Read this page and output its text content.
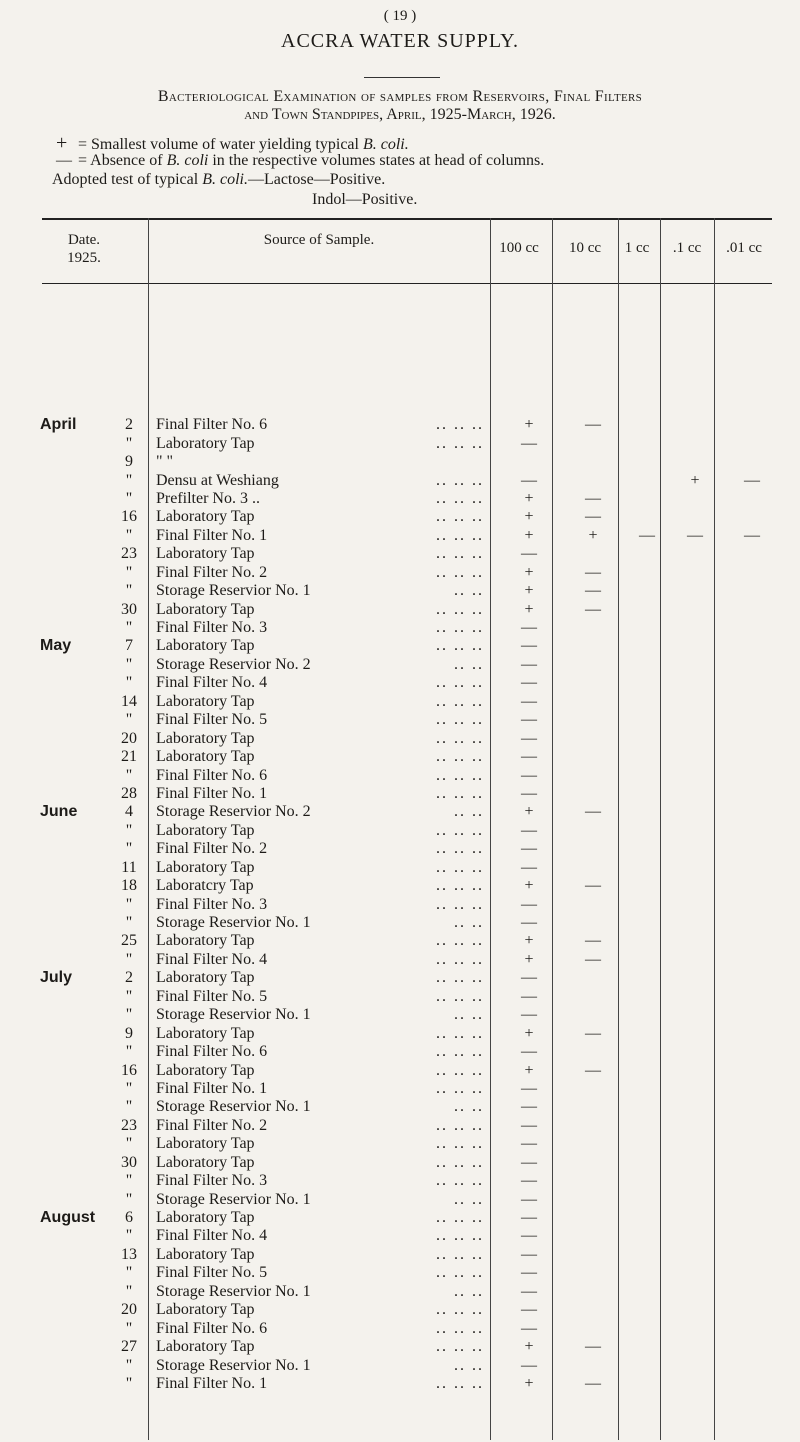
( 19 )
ACCRA WATER SUPPLY.
Bacteriological Examination of samples from Reservoirs, Final Filters
and Town Standpipes, April, 1925-March, 1926.
+ = Smallest volume of water yielding typical B. coli.
— = Absence of B. coli in the respective volumes states at head of columns.
Adopted test of typical B. coli.—Lactose—Positive.
Indol—Positive.
Date.
1925.
Source of Sample.	100 cc	10 cc	1 cc	.1 cc	.01 cc
April	2	Final Filter No. 6 .. .. ..	+	—			
	"	Laboratory Tap .. .. ..	—				
	9	" "

	"	Densu at Weshiang .. .. ..	—			+	—
	"	Prefilter No. 3 .. .. .. ..	+	—			
	16	Laboratory Tap .. .. ..	+	—			
	"	Final Filter No. 1 .. .. ..	+	+	—	—	—
	23	Laboratory Tap .. .. ..	—				
	"	Final Filter No. 2 .. .. ..	+	—			
	"	Storage Reservior No. 1 .. ..	+	—			
	30	Laboratory Tap .. .. ..	+	—			
	"	Final Filter No. 3 .. .. ..	—				
May	7	Laboratory Tap .. .. ..	—				
	"	Storage Reservior No. 2 .. ..	—				
	"	Final Filter No. 4 .. .. ..	—				
	14	Laboratory Tap .. .. ..	—				
	"	Final Filter No. 5 .. .. ..	—				
	20	Laboratory Tap .. .. ..	—				
	21	Laboratory Tap .. .. ..	—				
	"	Final Filter No. 6 .. .. ..	—				
	28	Final Filter No. 1 .. .. ..	—				
June	4	Storage Reservior No. 2 .. ..	+	—			
	"	Laboratory Tap .. .. ..	—				
	"	Final Filter No. 2 .. .. ..	—				
	11	Laboratory Tap .. .. ..	—				
	18	Laboratcry Tap .. .. ..	+	—			
	"	Final Filter No. 3 .. .. ..	—				
	"	Storage Reservior No. 1 .. ..	—				
	25	Laboratory Tap .. .. ..	+	—			
	"	Final Filter No. 4 .. .. ..	+	—			
July	2	Laboratory Tap .. .. ..	—				
	"	Final Filter No. 5 .. .. ..	—				
	"	Storage Reservior No. 1 .. ..	—				
	9	Laboratory Tap .. .. ..	+	—			
	"	Final Filter No. 6 .. .. ..	—				
	16	Laboratory Tap .. .. ..	+	—			
	"	Final Filter No. 1 .. .. ..	—				
	"	Storage Reservior No. 1 .. ..	—				
	23	Final Filter No. 2 .. .. ..	—				
	"	Laboratory Tap .. .. ..	—				
	30	Laboratory Tap .. .. ..	—				
	"	Final Filter No. 3 .. .. ..	—				
	"	Storage Reservior No. 1 .. ..	—				
August	6	Laboratory Tap .. .. ..	—				
	"	Final Filter No. 4 .. .. ..	—				
	13	Laboratory Tap .. .. ..	—				
	"	Final Filter No. 5 .. .. ..	—				
	"	Storage Reservior No. 1 .. ..	—				
	20	Laboratory Tap .. .. ..	—				
	"	Final Filter No. 6 .. .. ..	—				
	27	Laboratory Tap .. .. ..	+	—			
	"	Storage Reservior No. 1 .. ..	—				
	"	Final Filter No. 1 .. .. ..	+	—			
